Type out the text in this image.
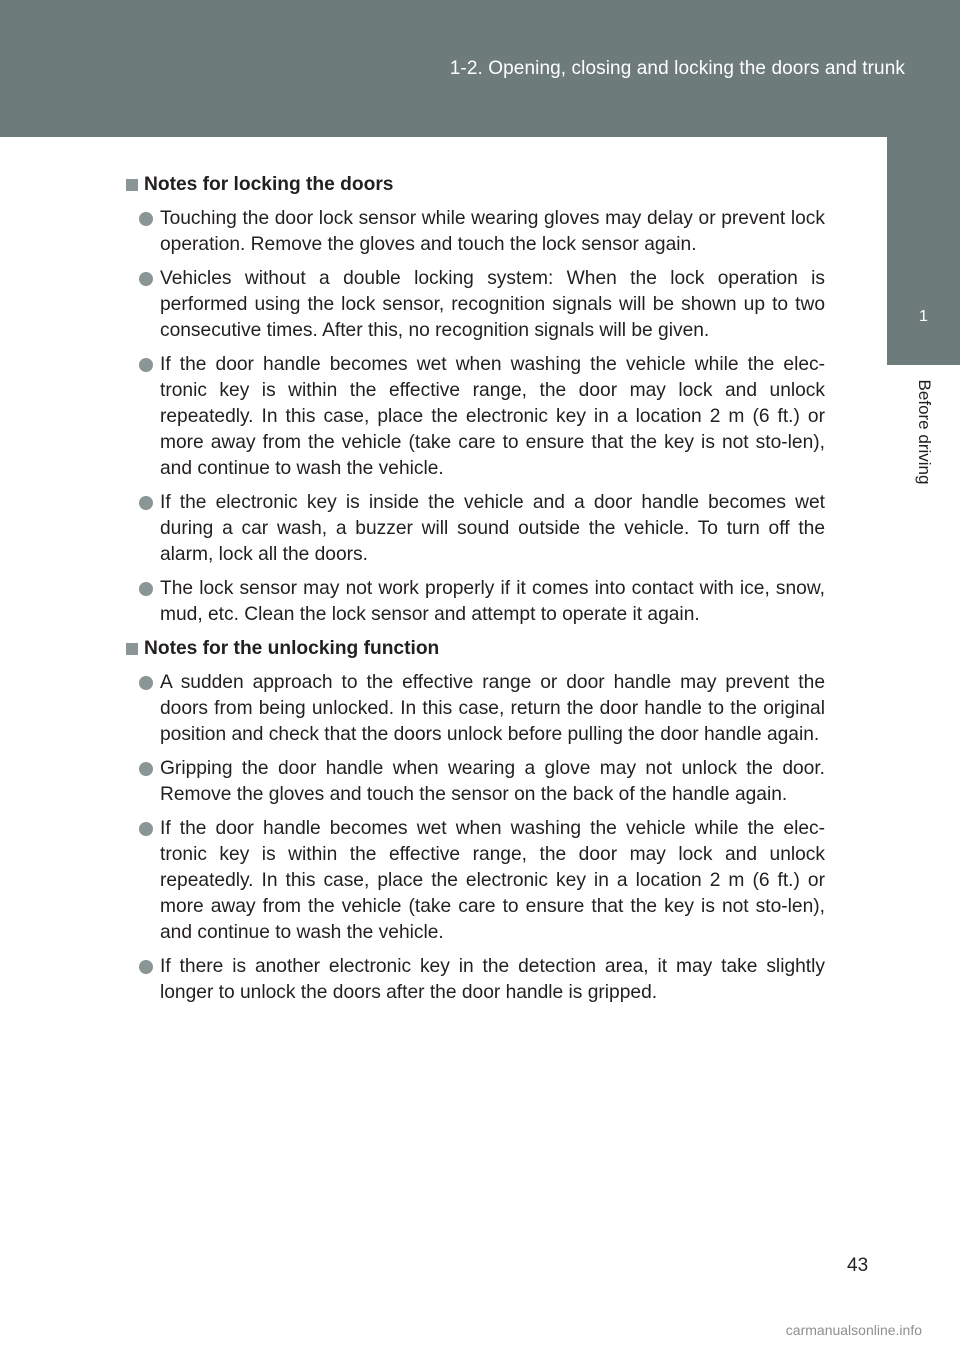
1-2. Opening, closing and locking the doors and trunk
1
Before driving
Notes for locking the doors
Touching the door lock sensor while wearing gloves may delay or prevent lock operation. Remove the gloves and touch the lock sensor again.
Vehicles without a double locking system: When the lock operation is performed using the lock sensor, recognition signals will be shown up to two consecutive times. After this, no recognition signals will be given.
If the door handle becomes wet when washing the vehicle while the elec-tronic key is within the effective range, the door may lock and unlock repeatedly. In this case, place the electronic key in a location 2 m (6 ft.) or more away from the vehicle (take care to ensure that the key is not sto-len), and continue to wash the vehicle.
If the electronic key is inside the vehicle and a door handle becomes wet during a car wash, a buzzer will sound outside the vehicle. To turn off the alarm, lock all the doors.
The lock sensor may not work properly if it comes into contact with ice, snow, mud, etc. Clean the lock sensor and attempt to operate it again.
Notes for the unlocking function
A sudden approach to the effective range or door handle may prevent the doors from being unlocked. In this case, return the door handle to the original position and check that the doors unlock before pulling the door handle again.
Gripping the door handle when wearing a glove may not unlock the door. Remove the gloves and touch the sensor on the back of the handle again.
If the door handle becomes wet when washing the vehicle while the elec-tronic key is within the effective range, the door may lock and unlock repeatedly. In this case, place the electronic key in a location 2 m (6 ft.) or more away from the vehicle (take care to ensure that the key is not sto-len), and continue to wash the vehicle.
If there is another electronic key in the detection area, it may take slightly longer to unlock the doors after the door handle is gripped.
43
carmanualsonline.info
